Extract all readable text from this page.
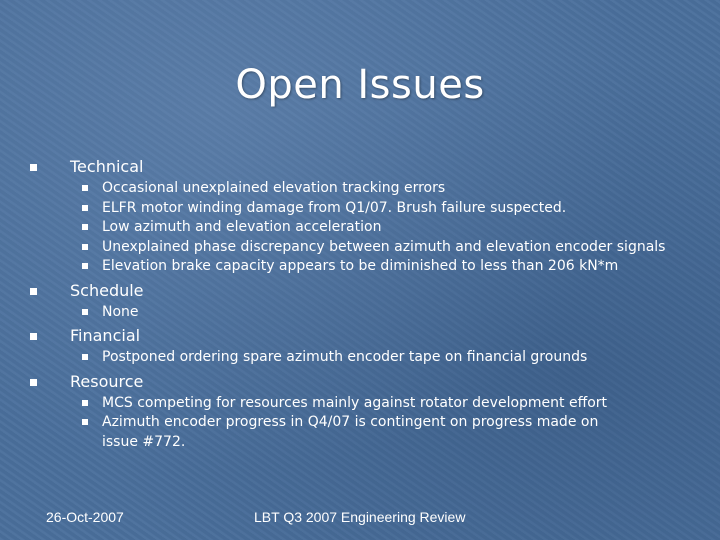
Open Issues
Technical
Occasional unexplained elevation tracking errors
ELFR motor winding damage from Q1/07. Brush failure suspected.
Low azimuth and elevation acceleration
Unexplained phase discrepancy between azimuth and elevation encoder signals
Elevation brake capacity appears to be diminished to less than 206 kN*m
Schedule
None
Financial
Postponed ordering spare azimuth encoder tape on financial grounds
Resource
MCS competing for resources mainly against rotator development effort
Azimuth encoder progress in Q4/07 is contingent on progress made on issue #772.
26-Oct-2007	LBT Q3 2007 Engineering Review
